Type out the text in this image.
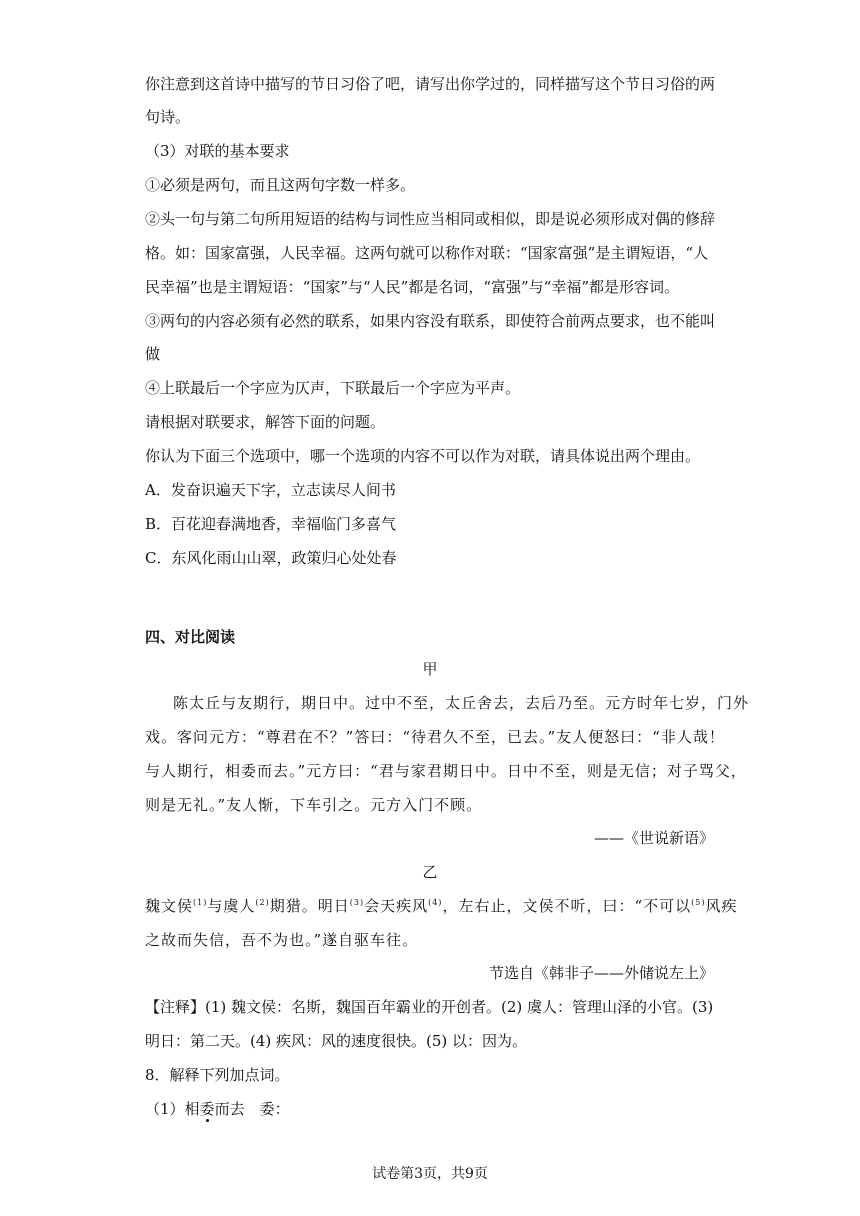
你注意到这首诗中描写的节日习俗了吧，请写出你学过的，同样描写这个节日习俗的两
句诗。
（3）对联的基本要求
①必须是两句，而且这两句字数一样多。
②头一句与第二句所用短语的结构与词性应当相同或相似，即是说必须形成对偶的修辞
格。如：国家富强，人民幸福。这两句就可以称作对联：“国家富强”是主谓短语，“人
民幸福”也是主谓短语：“国家”与“人民”都是名词，“富强”与“幸福”都是形容词。
③两句的内容必须有必然的联系，如果内容没有联系，即使符合前两点要求，也不能叫
做
④上联最后一个字应为仄声，下联最后一个字应为平声。
请根据对联要求，解答下面的问题。
你认为下面三个选项中，哪一个选项的内容不可以作为对联，请具体说出两个理由。
A．发奋识遍天下字，立志读尽人间书
B．百花迎春满地香，幸福临门多喜气
C．东风化雨山山翠，政策归心处处春
四、对比阅读
甲
陈太丘与友期行，期日中。过中不至，太丘舍去，去后乃至。元方时年七岁，门外
戏。客问元方：“尊君在不？”答曰：“待君久不至，已去。”友人便怒曰：“非人哉！
与人期行，相委而去。”元方曰：“君与家君期日中。日中不至，则是无信；对子骂父，
则是无礼。”友人惭，下车引之。元方入门不顾。
——《世说新语》
乙
魏文侯$^{(1)}$与虞人$^{(2)}$期猎。明日$^{(3)}$会天疾风$^{(4)}$，左右止，文侯不听，曰：“不可以$^{(5)}$风疾
之故而失信，吾不为也。”遂自驱车往。
节选自《韩非子——外储说左上》
【注释】(1) 魏文侯：名斯，魏国百年霸业的开创者。(2) 虞人：管理山泽的小官。(3)
明日：第二天。(4) 疾风：风的速度很快。(5) 以：因为。
8．解释下列加点词。
（1）相委而去　委：
试卷第3页，共9页
